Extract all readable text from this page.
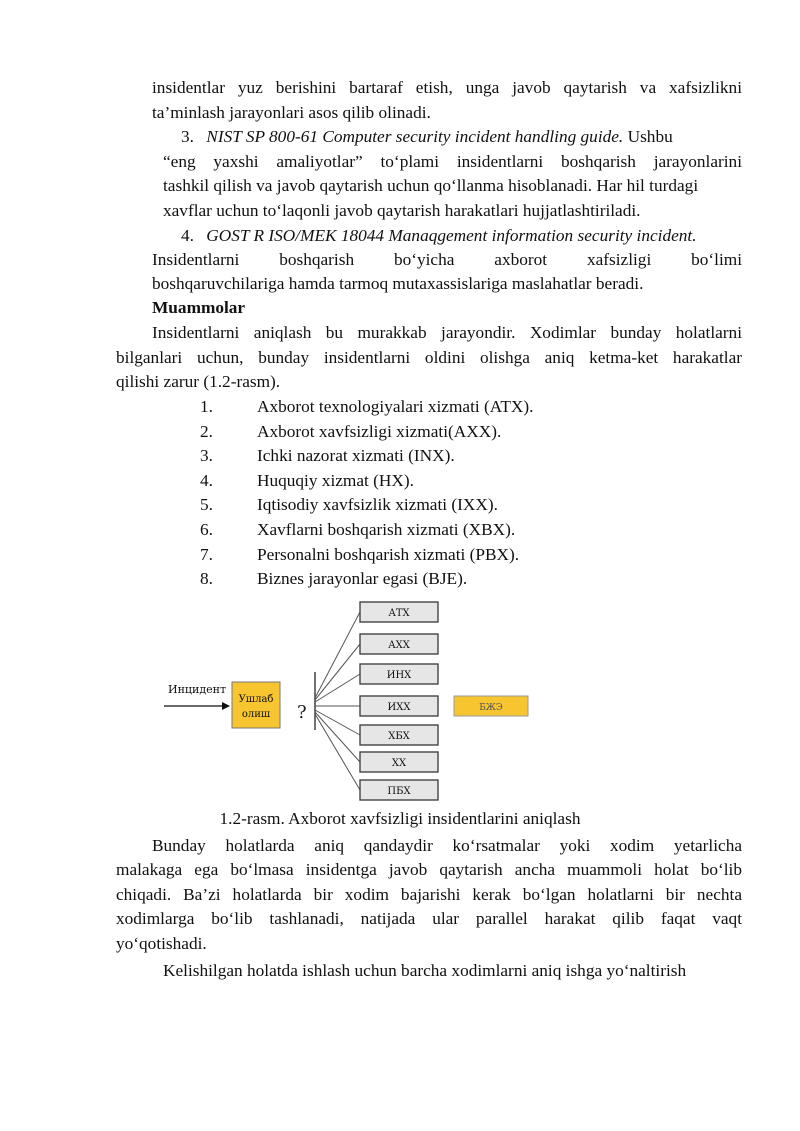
insidentlar yuz berishini bartaraf etish, unga javob qaytarish va xafsizlikni
ta’minlash jarayonlari asos qilib olinadi.
3. NIST SP 800-61 Computer security incident handling guide. Ushbu
“eng yaxshi amaliyotlar” to‘plami insidentlarni boshqarish jarayonlarini
tashkil qilish va javob qaytarish uchun qo‘llanma hisoblanadi. Har hil turdagi
xavflar uchun to‘laqonli javob qaytarish harakatlari hujjatlashtiriladi.
4. GOST R ISO/MEK 18044 Manaqgement information security incident.
Insidentlarni boshqarish bo‘yicha axborot xafsizligi bo‘limi
boshqaruvchilariga hamda tarmoq mutaxassislariga maslahatlar beradi.
Muammolar
Insidentlarni aniqlash bu murakkab jarayondir. Xodimlar bunday holatlarni
bilganlari uchun, bunday insidentlarni oldini olishga aniq ketma-ket harakatlar
qilishi zarur (1.2-rasm).
1.	Axborot texnologiyalari xizmati (ATX).
2.	Axborot xavfsizligi xizmati(AXX).
3.	Ichki nazorat xizmati (INX).
4.	Huquqiy xizmat (HX).
5.	Iqtisodiy xavfsizlik xizmati (IXX).
6.	Xavflarni boshqarish xizmati (XBX).
7.	Personalni boshqarish xizmati (PBX).
8.	Biznes jarayonlar egasi (BJE).
Инцидент
Ушлаб
олиш ?
АТХ
АХХ
ИНХ
ИХХ
ХБХ
ХХ
ПБХ
БЖЭ
1.2-rasm. Axborot xavfsizligi insidentlarini aniqlash
Bunday holatlarda aniq qandaydir ko‘rsatmalar yoki xodim yetarlicha
malakaga ega bo‘lmasa insidentga javob qaytarish ancha muammoli holat bo‘lib
chiqadi. Ba’zi holatlarda bir xodim bajarishi kerak bo‘lgan holatlarni bir nechta
xodimlarga bo‘lib tashlanadi, natijada ular parallel harakat qilib faqat vaqt
yo‘qotishadi.
Kelishilgan holatda ishlash uchun barcha xodimlarni aniq ishga yo‘naltirish
